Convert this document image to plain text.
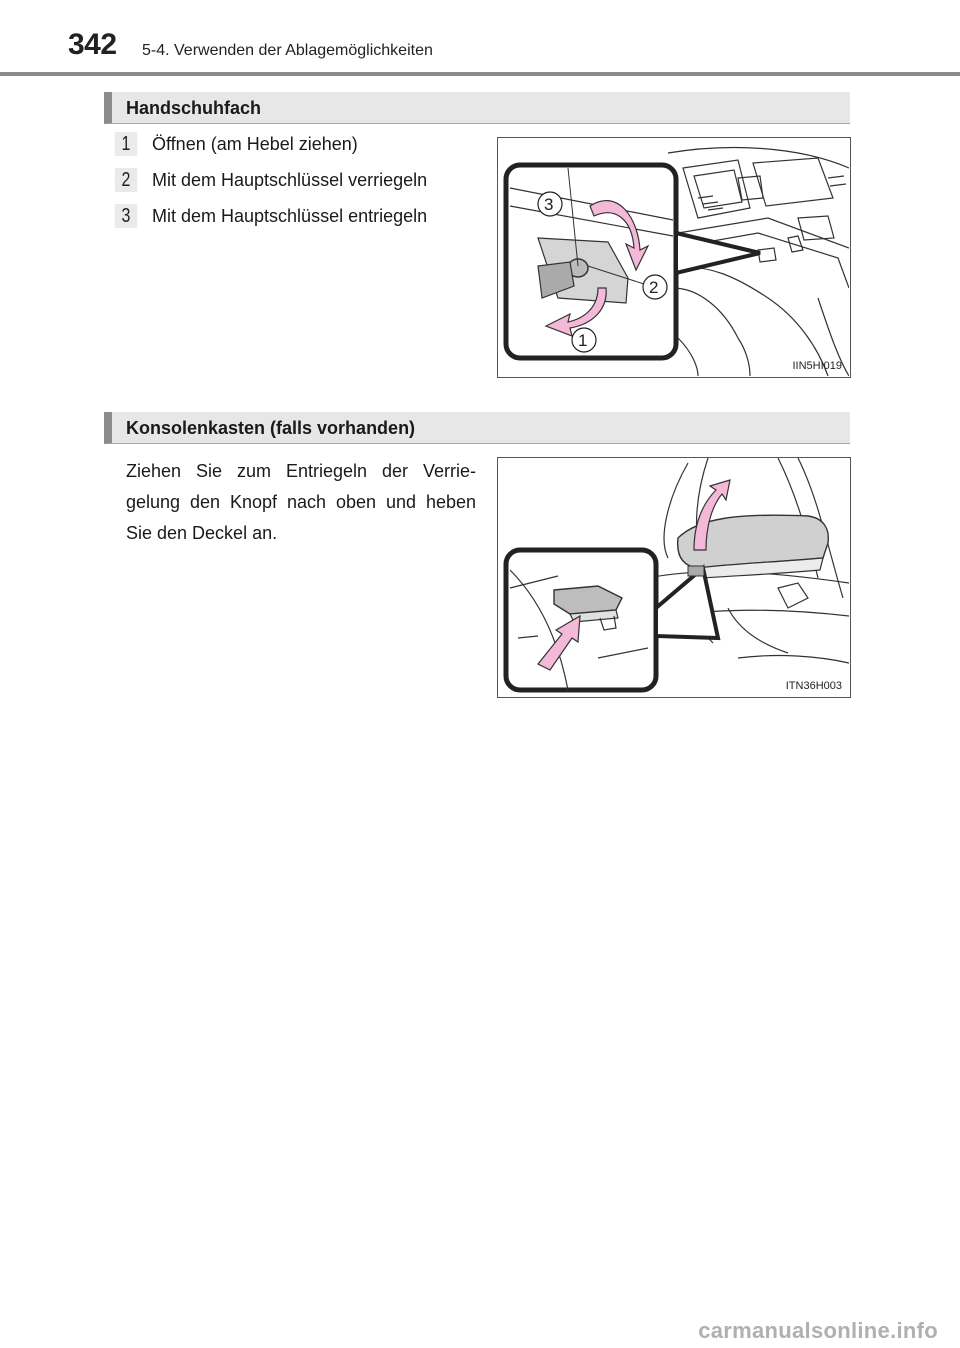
342 5-4. Verwenden der Ablagemöglichkeiten
Handschuhfach
1	Öffnen (am Hebel ziehen)
2	Mit dem Hauptschlüssel verriegeln
3	Mit dem Hauptschlüssel entriegeln
3
2
1
IIN5HI019
Konsolenkasten (falls vorhanden)
Ziehen Sie zum Entriegeln der Verrie-gelung den Knopf nach oben und heben Sie den Deckel an.
ITN36H003
carmanualsonline.info
